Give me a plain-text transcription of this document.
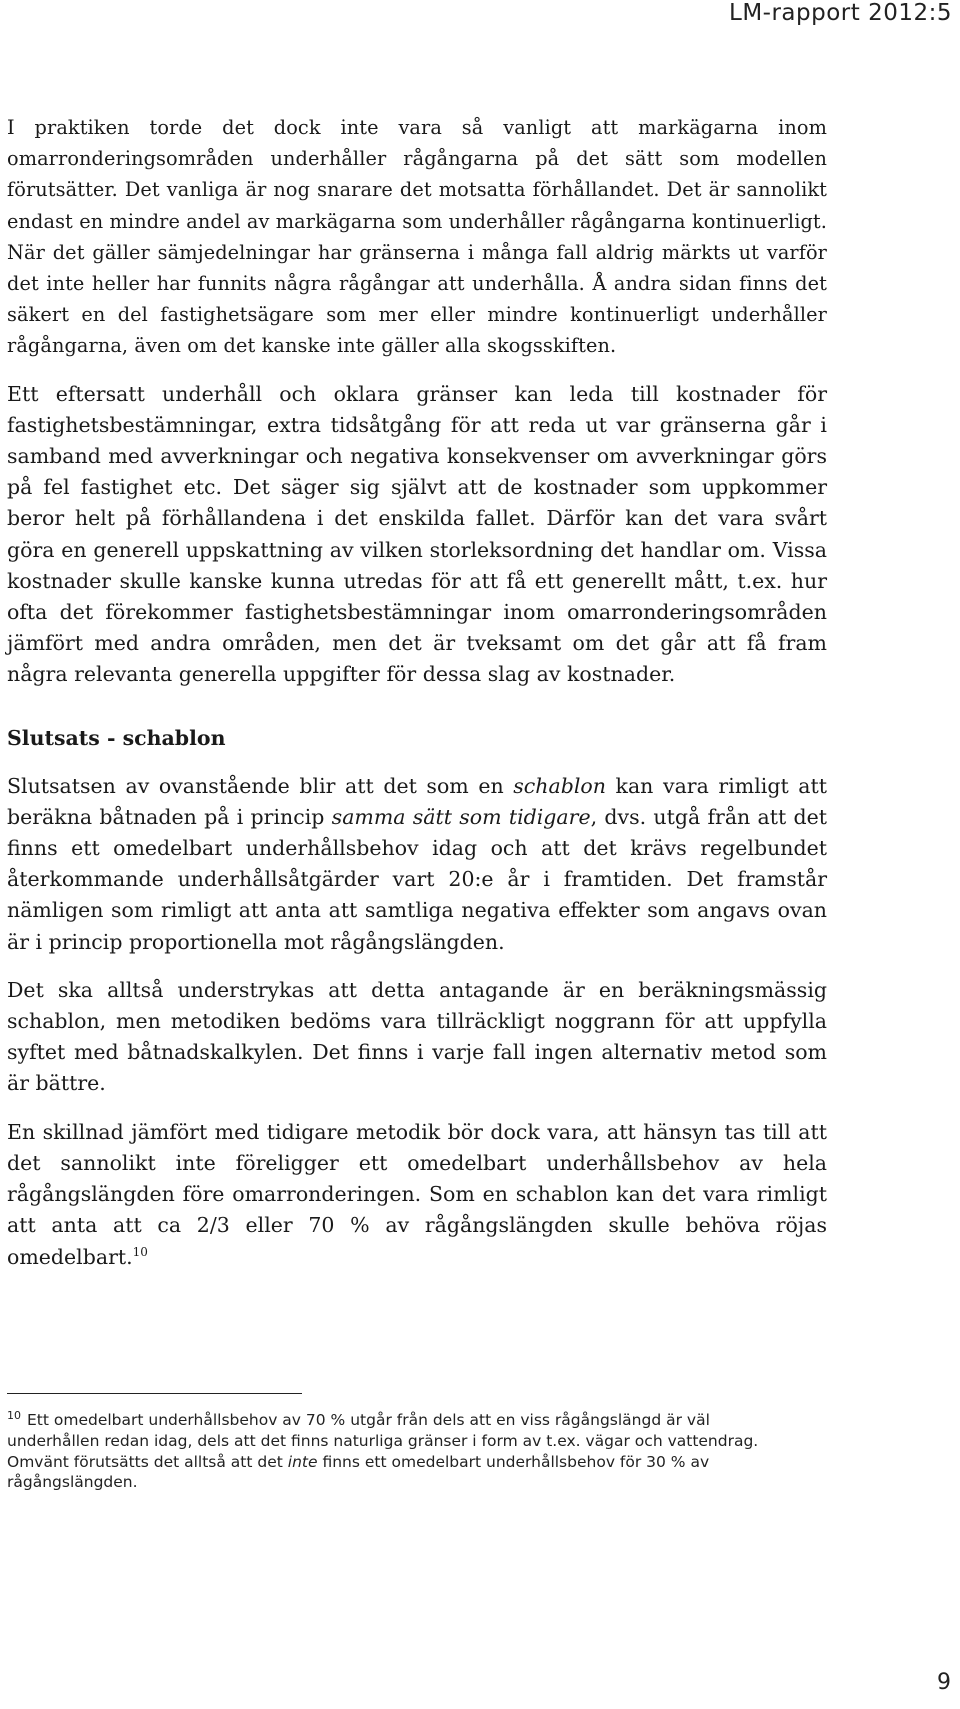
LM-rapport 2012:5

I praktiken torde det dock inte vara så vanligt att markägarna inom omarronderingsområden underhåller rågångarna på det sätt som modellen förutsätter. Det vanliga är nog snarare det motsatta förhållandet. Det är sannolikt endast en mindre andel av markägarna som underhåller rågångarna kontinuerligt. När det gäller sämjedelningar har gränserna i många fall aldrig märkts ut varför det inte heller har funnits några rågångar att underhålla. Å andra sidan finns det säkert en del fastighetsägare som mer eller mindre kontinuerligt underhåller rågångarna, även om det kanske inte gäller alla skogsskiften.

Ett eftersatt underhåll och oklara gränser kan leda till kostnader för fastighetsbestämningar, extra tidsåtgång för att reda ut var gränserna går i samband med avverkningar och negativa konsekvenser om avverkningar görs på fel fastighet etc. Det säger sig självt att de kostnader som uppkommer beror helt på förhållandena i det enskilda fallet. Därför kan det vara svårt göra en generell uppskattning av vilken storleksordning det handlar om. Vissa kostnader skulle kanske kunna utredas för att få ett generellt mått, t.ex. hur ofta det förekommer fastighetsbestämningar inom omarronderingsområden jämfört med andra områden, men det är tveksamt om det går att få fram några relevanta generella uppgifter för dessa slag av kostnader.

Slutsats - schablon

Slutsatsen av ovanstående blir att det som en schablon kan vara rimligt att beräkna båtnaden på i princip samma sätt som tidigare, dvs. utgå från att det finns ett omedelbart underhållsbehov idag och att det krävs regelbundet återkommande underhållsåtgärder vart 20:e år i framtiden. Det framstår nämligen som rimligt att anta att samtliga negativa effekter som angavs ovan är i princip proportionella mot rågångslängden.

Det ska alltså understrykas att detta antagande är en beräkningsmässig schablon, men metodiken bedöms vara tillräckligt noggrann för att uppfylla syftet med båtnadskalkylen. Det finns i varje fall ingen alternativ metod som är bättre.

En skillnad jämfört med tidigare metodik bör dock vara, att hänsyn tas till att det sannolikt inte föreligger ett omedelbart underhållsbehov av hela rågångslängden före omarronderingen. Som en schablon kan det vara rimligt att anta att ca 2/3 eller 70 % av rågångslängden skulle behöva röjas omedelbart.$^{10}$

$^{10}$ Ett omedelbart underhållsbehov av 70 % utgår från dels att en viss rågångslängd är väl underhållen redan idag, dels att det finns naturliga gränser i form av t.ex. vägar och vattendrag. Omvänt förutsätts det alltså att det inte finns ett omedelbart underhållsbehov för 30 % av rågångslängden.
9
